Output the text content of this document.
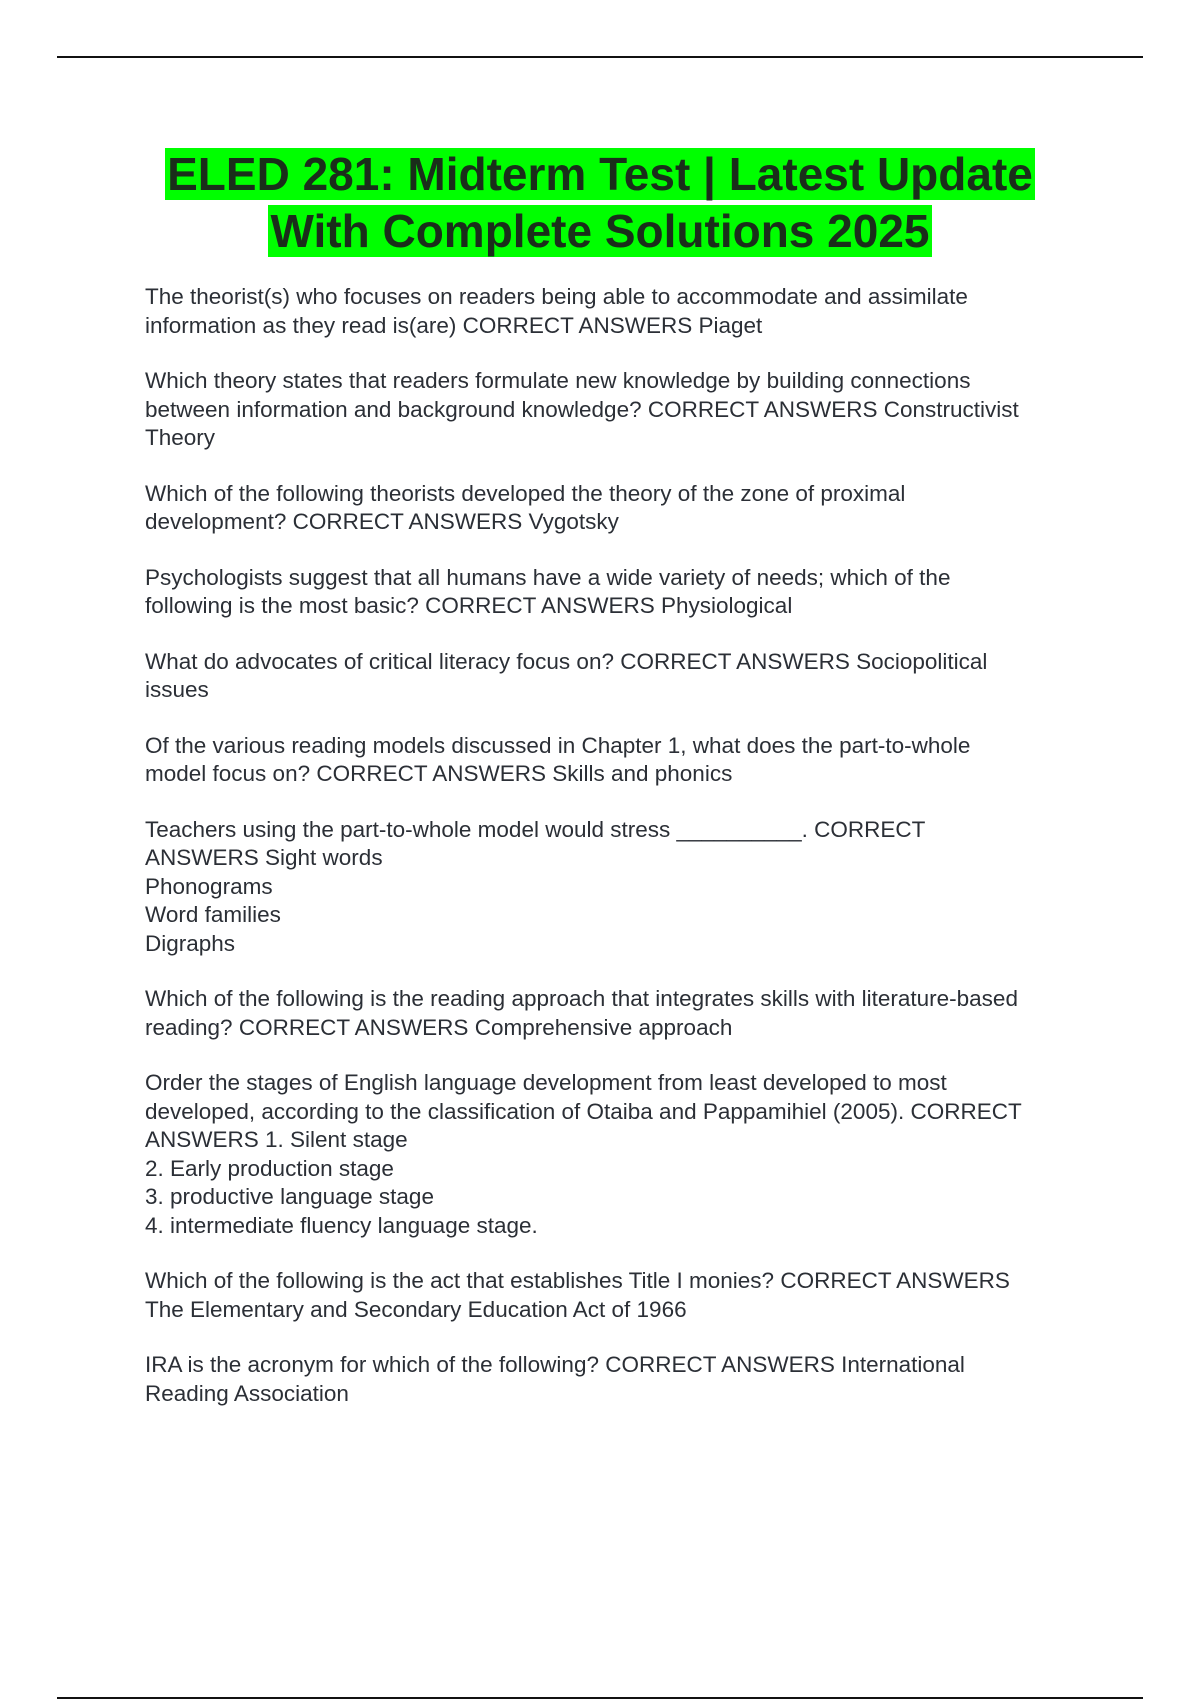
ELED 281: Midterm Test | Latest Update
With Complete Solutions 2025
The theorist(s) who focuses on readers being able to accommodate and assimilate
information as they read is(are) CORRECT ANSWERS Piaget
Which theory states that readers formulate new knowledge by building connections
between information and background knowledge? CORRECT ANSWERS Constructivist
Theory
Which of the following theorists developed the theory of the zone of proximal
development? CORRECT ANSWERS Vygotsky
Psychologists suggest that all humans have a wide variety of needs; which of the
following is the most basic? CORRECT ANSWERS Physiological
What do advocates of critical literacy focus on? CORRECT ANSWERS Sociopolitical
issues
Of the various reading models discussed in Chapter 1, what does the part-to-whole
model focus on? CORRECT ANSWERS Skills and phonics
Teachers using the part-to-whole model would stress __________. CORRECT
ANSWERS Sight words
Phonograms
Word families
Digraphs
Which of the following is the reading approach that integrates skills with literature-based
reading? CORRECT ANSWERS Comprehensive approach
Order the stages of English language development from least developed to most
developed, according to the classification of Otaiba and Pappamihiel (2005). CORRECT
ANSWERS 1. Silent stage
2. Early production stage
3. productive language stage
4. intermediate fluency language stage.
Which of the following is the act that establishes Title I monies? CORRECT ANSWERS
The Elementary and Secondary Education Act of 1966
IRA is the acronym for which of the following? CORRECT ANSWERS International
Reading Association
